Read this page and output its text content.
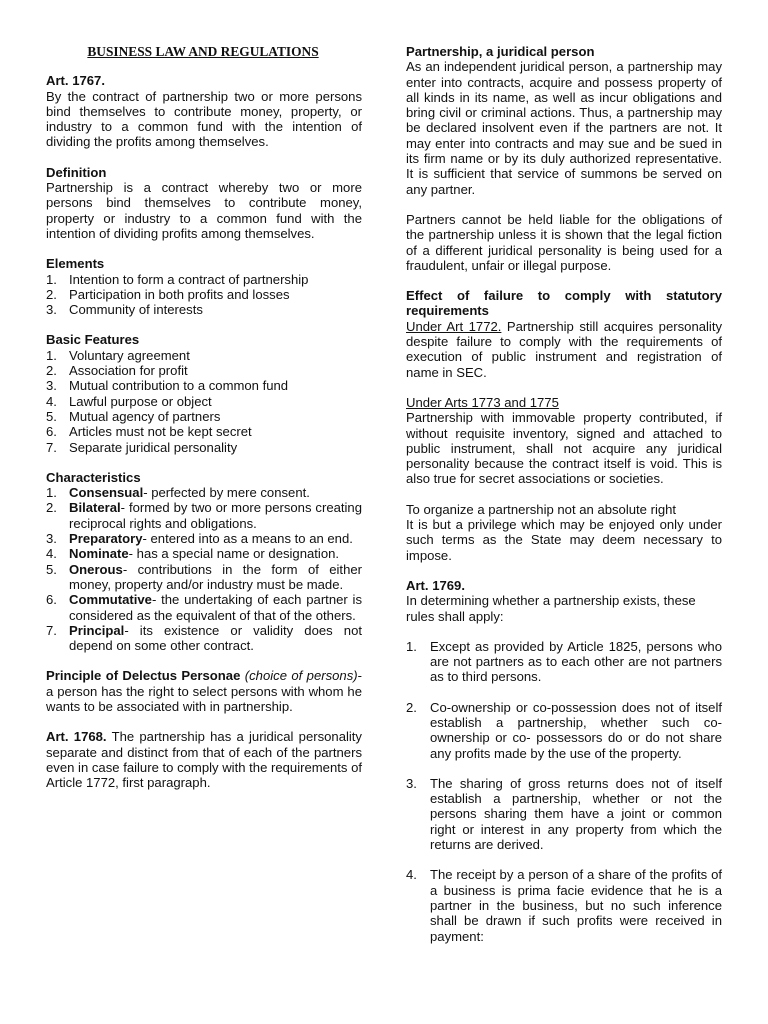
BUSINESS LAW AND REGULATIONS

Art. 1767.

By the contract of partnership two or more persons bind themselves to contribute money, property, or industry to a common fund with the intention of dividing the profits among themselves.

Definition

Partnership is a contract whereby two or more persons bind themselves to contribute money, property or industry to a common fund with the intention of dividing profits among themselves.

Elements

1. Intention to form a contract of partnership
2. Participation in both profits and losses
3. Community of interests

Basic Features

1. Voluntary agreement
2. Association for profit
3. Mutual contribution to a common fund
4. Lawful purpose or object
5. Mutual agency of partners
6. Articles must not be kept secret
7. Separate juridical personality

Characteristics

1. Consensual- perfected by mere consent.
2. Bilateral- formed by two or more persons creating reciprocal rights and obligations.
3. Preparatory- entered into as a means to an end.
4. Nominate- has a special name or designation.
5. Onerous- contributions in the form of either money, property and/or industry must be made.
6. Commutative- the undertaking of each partner is considered as the equivalent of that of the others.
7. Principal- its existence or validity does not depend on some other contract.

Principle of Delectus Personae (choice of persons)- a person has the right to select persons with whom he wants to be associated with in partnership.

Art. 1768. The partnership has a juridical personality separate and distinct from that of each of the partners even in case failure to comply with the requirements of Article 1772, first paragraph.

Partnership, a juridical person

As an independent juridical person, a partnership may enter into contracts, acquire and possess property of all kinds in its name, as well as incur obligations and bring civil or criminal actions. Thus, a partnership may be declared insolvent even if the partners are not. It may enter into contracts and may sue and be sued in its firm name or by its duly authorized representative. It is sufficient that service of summons be served on any partner.

Partners cannot be held liable for the obligations of the partnership unless it is shown that the legal fiction of a different juridical personality is being used for a fraudulent, unfair or illegal purpose.

Effect of failure to comply with statutory requirements

Under Art 1772. Partnership still acquires personality despite failure to comply with the requirements of execution of public instrument and registration of name in SEC.

Under Arts 1773 and 1775

Partnership with immovable property contributed, if without requisite inventory, signed and attached to public instrument, shall not acquire any juridical personality because the contract itself is void. This is also true for secret associations or societies.

To organize a partnership not an absolute right

It is but a privilege which may be enjoyed only under such terms as the State may deem necessary to impose.

Art. 1769.

In determining whether a partnership exists, these rules shall apply:

1. Except as provided by Article 1825, persons who are not partners as to each other are not partners as to third persons.
2. Co-ownership or co-possession does not of itself establish a partnership, whether such co-ownership or co- possessors do or do not share any profits made by the use of the property.
3. The sharing of gross returns does not of itself establish a partnership, whether or not the persons sharing them have a joint or common right or interest in any property from which the returns are derived.
4. The receipt by a person of a share of the profits of a business is prima facie evidence that he is a partner in the business, but no such inference shall be drawn if such profits were received in payment:
